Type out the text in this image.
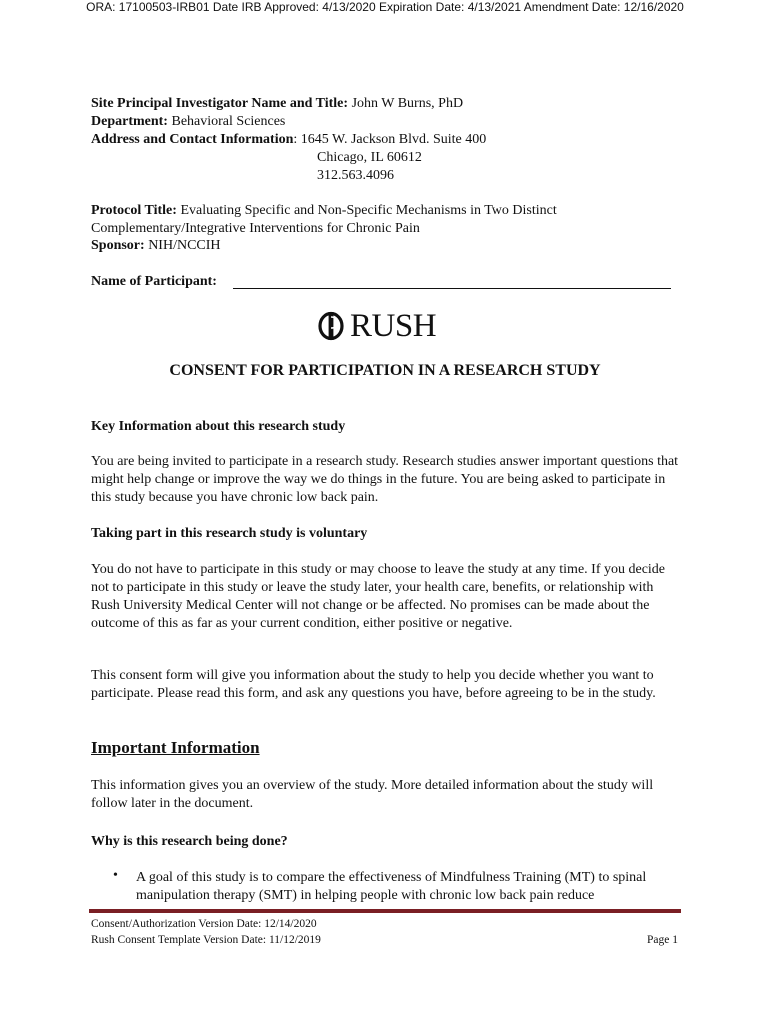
ORA: 17100503-IRB01 Date IRB Approved: 4/13/2020 Expiration Date: 4/13/2021 Amendment Date: 12/16/2020
Site Principal Investigator Name and Title: John W Burns, PhD
Department: Behavioral Sciences
Address and Contact Information: 1645 W. Jackson Blvd. Suite 400
Chicago, IL 60612
312.563.4096
Protocol Title: Evaluating Specific and Non-Specific Mechanisms in Two Distinct
Complementary/Integrative Interventions for Chronic Pain
Sponsor: NIH/NCCIH
Name of Participant:
RUSH
CONSENT FOR PARTICIPATION IN A RESEARCH STUDY
Key Information about this research study
You are being invited to participate in a research study. Research studies answer important questions that might help change or improve the way we do things in the future. You are being asked to participate in this study because you have chronic low back pain.
Taking part in this research study is voluntary
You do not have to participate in this study or may choose to leave the study at any time. If you decide not to participate in this study or leave the study later, your health care, benefits, or relationship with Rush University Medical Center will not change or be affected. No promises can be made about the outcome of this as far as your current condition, either positive or negative.
This consent form will give you information about the study to help you decide whether you want to participate. Please read this form, and ask any questions you have, before agreeing to be in the study.
Important Information
This information gives you an overview of the study. More detailed information about the study will follow later in the document.
Why is this research being done?
• A goal of this study is to compare the effectiveness of Mindfulness Training (MT) to spinal manipulation therapy (SMT) in helping people with chronic low back pain reduce
Consent/Authorization Version Date: 12/14/2020
Rush Consent Template Version Date: 11/12/2019	Page 1
